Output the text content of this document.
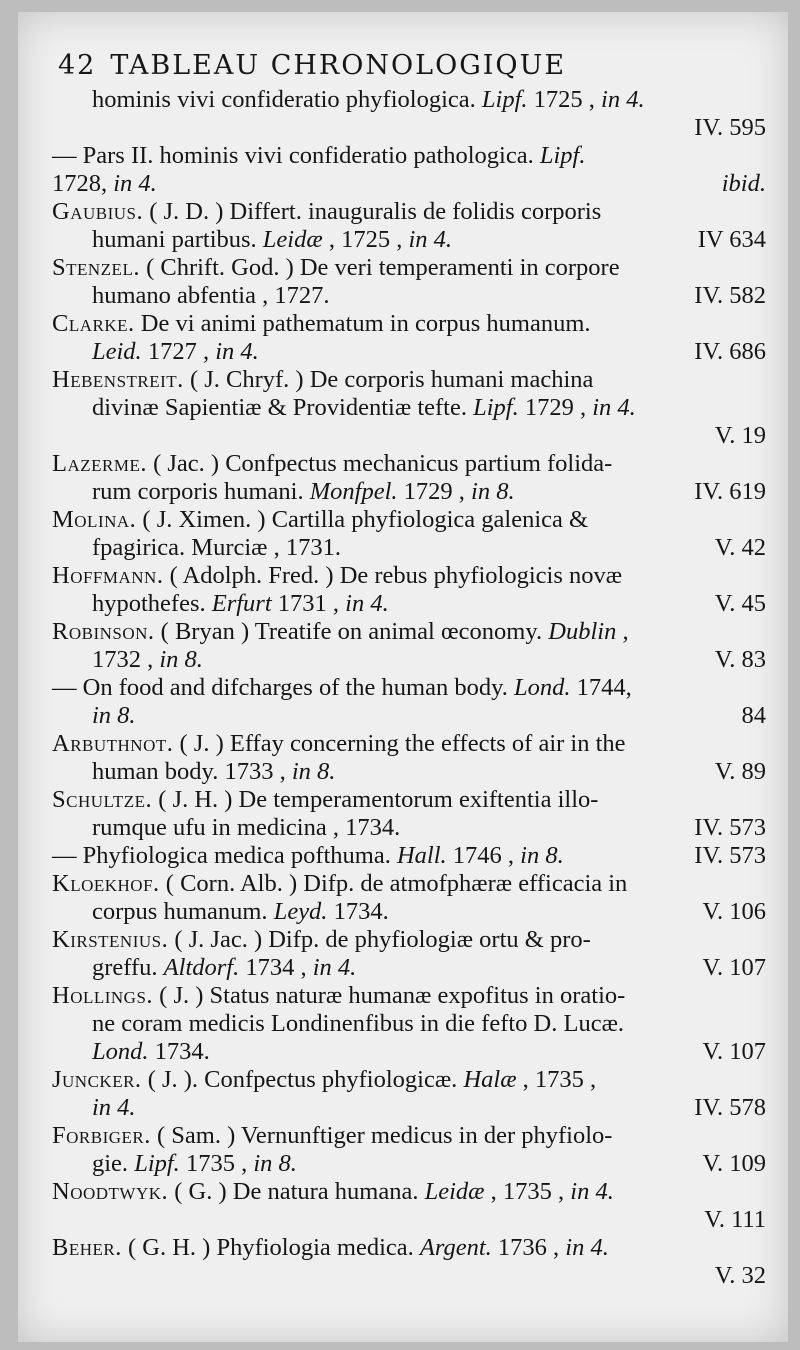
42 TABLEAU CHRONOLOGIQUE
hominis vivi confideratio phyfiologica. Lipf. 1725 , in 4.
IV. 595
— Pars II. hominis vivi confideratio pathologica. Lipf.
1728, in 4.	ibid.
Gaubius. ( J. D. ) Differt. inauguralis de folidis corporis
humani partibus. Leidæ , 1725 , in 4.	IV 634
Stenzel. ( Chrift. God. ) De veri temperamenti in corpore
humano abfentia , 1727.	IV. 582
Clarke. De vi animi pathematum in corpus humanum.
Leid. 1727 , in 4.	IV. 686
Hebenstreit. ( J. Chryf. ) De corporis humani machina
divinæ Sapientiæ & Providentiæ tefte. Lipf. 1729 , in 4.
V. 19
Lazerme. ( Jac. ) Confpectus mechanicus partium folida-
rum corporis humani. Monfpel. 1729 , in 8.	IV. 619
Molina. ( J. Ximen. ) Cartilla phyfiologica galenica &
fpagirica. Murciæ , 1731.	V. 42
Hoffmann. ( Adolph. Fred. ) De rebus phyfiologicis novæ
hypothefes. Erfurt 1731 , in 4.	V. 45
Robinson. ( Bryan ) Treatife on animal œconomy. Dublin ,
1732 , in 8.	V. 83
— On food and difcharges of the human body. Lond. 1744,
in 8.	84
Arbuthnot. ( J. ) Effay concerning the effects of air in the
human body. 1733 , in 8.	V. 89
Schultze. ( J. H. ) De temperamentorum exiftentia illo-
rumque ufu in medicina , 1734.	IV. 573
— Phyfiologica medica pofthuma. Hall. 1746 , in 8.	IV. 573
Kloekhof. ( Corn. Alb. ) Difp. de atmofphæræ efficacia in
corpus humanum. Leyd. 1734.	V. 106
Kirstenius. ( J. Jac. ) Difp. de phyfiologiæ ortu & pro-
greffu. Altdorf. 1734 , in 4.	V. 107
Hollings. ( J. ) Status naturæ humanæ expofitus in oratio-
ne coram medicis Londinenfibus in die fefto D. Lucæ.
Lond. 1734.	V. 107
Juncker. ( J. ). Confpectus phyfiologicæ. Halæ , 1735 ,
in 4.	IV. 578
Forbiger. ( Sam. ) Vernunftiger medicus in der phyfiolo-
gie. Lipf. 1735 , in 8.	V. 109
Noodtwyk. ( G. ) De natura humana. Leidæ , 1735 , in 4.
V. 111
Beher. ( G. H. ) Phyfiologia medica. Argent. 1736 , in 4.
V. 32
